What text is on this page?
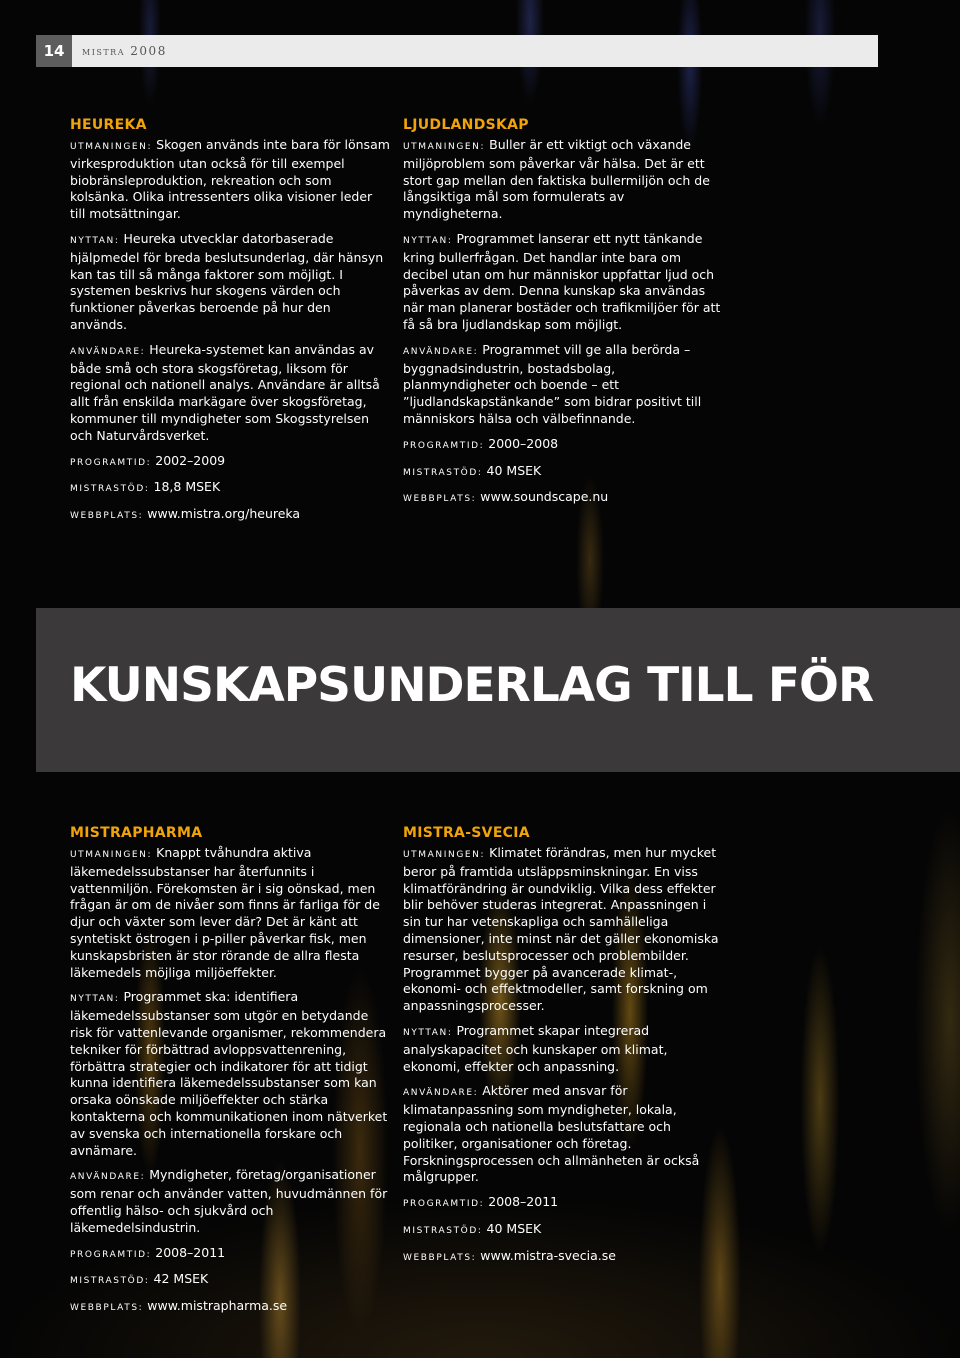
14	mistra 2008
HEUREKA

UTMANINGEN: Skogen används inte bara för lönsam virkesproduktion utan också för till exempel biobränsleproduktion, rekreation och som kolsänka. Olika intressenters olika visioner leder till motsättningar.

NYTTAN: Heureka utvecklar datorbaserade hjälpmedel för breda beslutsunderlag, där hänsyn kan tas till så många faktorer som möjligt. I systemen beskrivs hur skogens värden och funktioner påverkas beroende på hur den används.

ANVÄNDARE: Heureka-systemet kan användas av både små och stora skogsföretag, liksom för regional och nationell analys. Användare är alltså allt från enskilda markägare över skogsföretag, kommuner till myndigheter som Skogsstyrelsen och Naturvårdsverket.

PROGRAMTID: 2002–2009

MISTRASTÖD: 18,8 MSEK

WEBBPLATS: www.mistra.org/heureka

LJUDLANDSKAP

UTMANINGEN: Buller är ett viktigt och växande miljöproblem som påverkar vår hälsa. Det är ett stort gap mellan den faktiska bullermiljön och de långsiktiga mål som formulerats av myndigheterna.

NYTTAN: Programmet lanserar ett nytt tänkande kring bullerfrågan. Det handlar inte bara om decibel utan om hur människor uppfattar ljud och påverkas av dem. Denna kunskap ska användas när man planerar bostäder och trafikmiljöer för att få så bra ljudlandskap som möjligt.

ANVÄNDARE: Programmet vill ge alla berörda – byggnadsindustrin, bostadsbolag, planmyndigheter och boende – ett ”ljudlandskapstänkande” som bidrar positivt till människors hälsa och välbefinnande.

PROGRAMTID: 2000–2008

MISTRASTÖD: 40 MSEK

WEBBPLATS: www.soundscape.nu

KUNSKAPSUNDERLAG TILL FÖR
MISTRAPHARMA

UTMANINGEN: Knappt tvåhundra aktiva läkemedelssubstanser har återfunnits i vattenmiljön. Förekomsten är i sig oönskad, men frågan är om de nivåer som finns är farliga för de djur och växter som lever där? Det är känt att syntetiskt östrogen i p-piller påverkar fisk, men kunskapsbristen är stor rörande de allra flesta läkemedels möjliga miljöeffekter.

NYTTAN: Programmet ska: identifiera läkemedelssubstanser som utgör en betydande risk för vattenlevande organismer, rekommendera tekniker för förbättrad avloppsvattenrening, förbättra strategier och indikatorer för att tidigt kunna identifiera läkemedelssubstanser som kan orsaka oönskade miljöeffekter och stärka kontakterna och kommunikationen inom nätverket av svenska och internationella forskare och avnämare.

ANVÄNDARE: Myndigheter, företag/organisationer som renar och använder vatten, huvudmännen för offentlig hälso- och sjukvård och läkemedelsindustrin.

PROGRAMTID: 2008–2011

MISTRASTÖD: 42 MSEK

WEBBPLATS: www.mistrapharma.se

MISTRA-SVECIA

UTMANINGEN: Klimatet förändras, men hur mycket beror på framtida utsläppsminskningar. En viss klimatförändring är oundviklig. Vilka dess effekter blir behöver studeras integrerat. Anpassningen i sin tur har vetenskapliga och samhälleliga dimensioner, inte minst när det gäller ekonomiska resurser, beslutsprocesser och problembilder. Programmet bygger på avancerade klimat-, ekonomi- och effektmodeller, samt forskning om anpassningsprocesser.

NYTTAN: Programmet skapar integrerad analyskapacitet och kunskaper om klimat, ekonomi, effekter och anpassning.

ANVÄNDARE: Aktörer med ansvar för klimatanpassning som myndigheter, lokala, regionala och nationella beslutsfattare och politiker, organisationer och företag. Forskningsprocessen och allmänheten är också målgrupper.

PROGRAMTID: 2008–2011

MISTRASTÖD: 40 MSEK

WEBBPLATS: www.mistra-svecia.se
